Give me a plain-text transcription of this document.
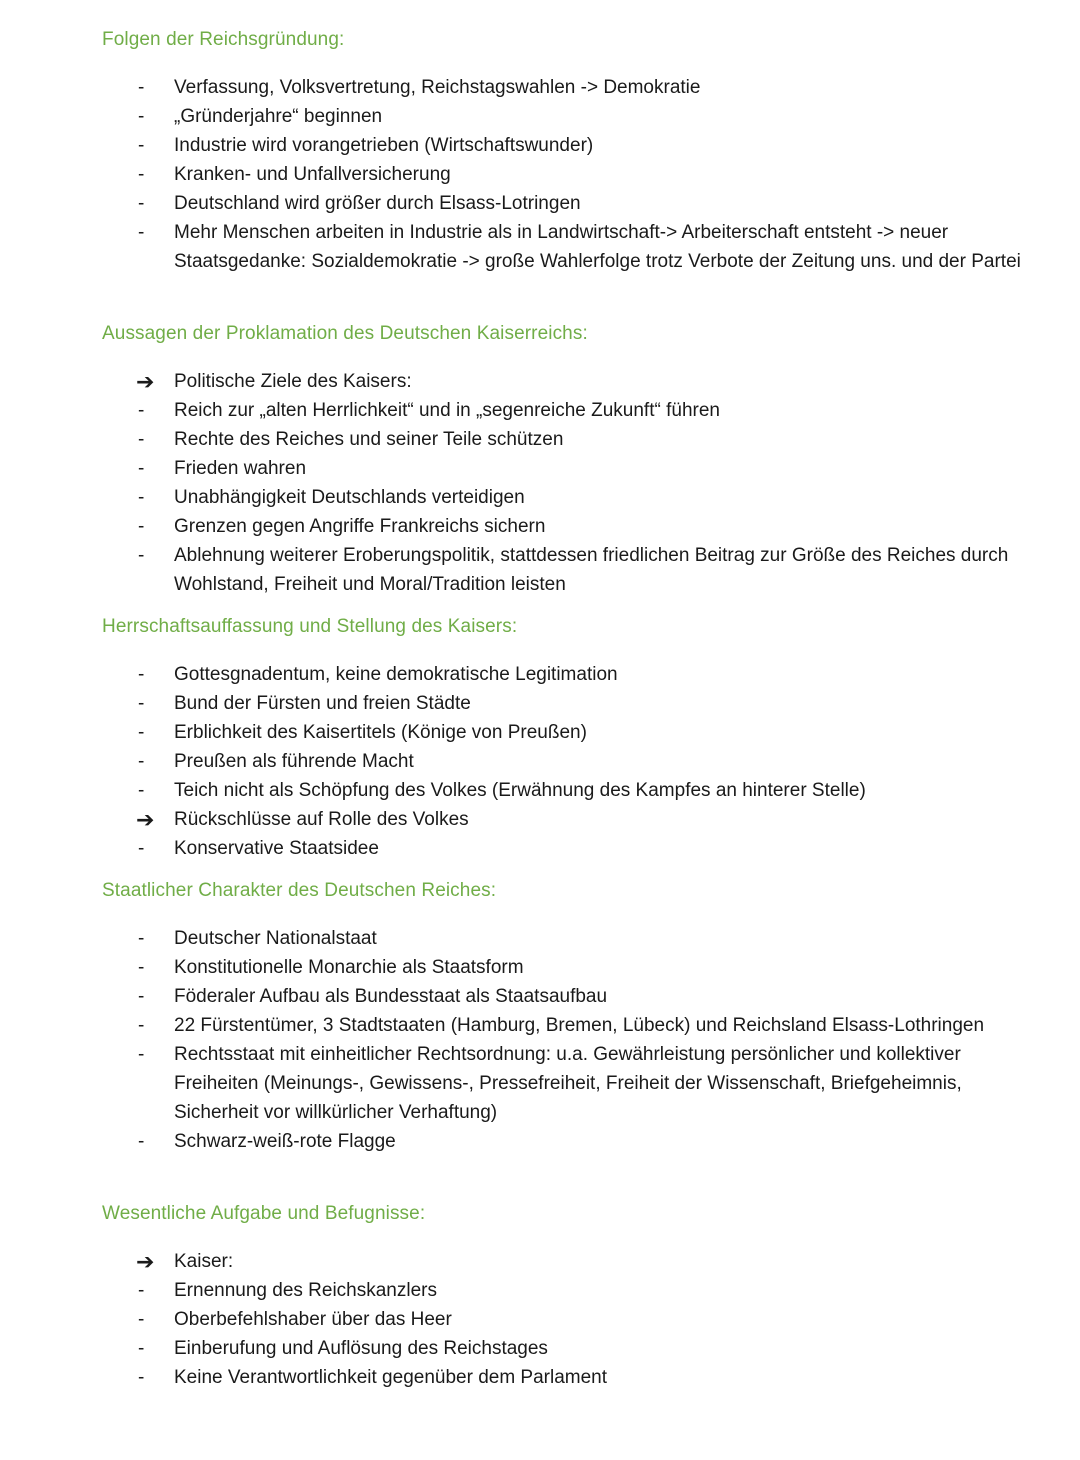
Folgen der Reichsgründung:
-	Verfassung, Volksvertretung, Reichstagswahlen -> Demokratie
-	„Gründerjahre“ beginnen
-	Industrie wird vorangetrieben (Wirtschaftswunder)
-	Kranken- und Unfallversicherung
-	Deutschland wird größer durch Elsass-Lotringen
-	Mehr Menschen arbeiten in Industrie als in Landwirtschaft-> Arbeiterschaft entsteht -> neuer Staatsgedanke: Sozialdemokratie -> große Wahlerfolge trotz Verbote der Zeitung uns. und der Partei
Aussagen der Proklamation des Deutschen Kaiserreichs:
➔ Politische Ziele des Kaisers:
-	Reich zur „alten Herrlichkeit“ und in „segenreiche Zukunft“ führen
-	Rechte des Reiches und seiner Teile schützen
-	Frieden wahren
-	Unabhängigkeit Deutschlands verteidigen
-	Grenzen gegen Angriffe Frankreichs sichern
-	Ablehnung weiterer Eroberungspolitik, stattdessen friedlichen Beitrag zur Größe des Reiches durch Wohlstand, Freiheit und Moral/Tradition leisten
Herrschaftsauffassung und Stellung des Kaisers:
-	Gottesgnadentum, keine demokratische Legitimation
-	Bund der Fürsten und freien Städte
-	Erblichkeit des Kaisertitels (Könige von Preußen)
-	Preußen als führende Macht
-	Teich nicht als Schöpfung des Volkes (Erwähnung des Kampfes an hinterer Stelle)
➔ Rückschlüsse auf Rolle des Volkes
-	Konservative Staatsidee
Staatlicher Charakter des Deutschen Reiches:
-	Deutscher Nationalstaat
-	Konstitutionelle Monarchie als Staatsform
-	Föderaler Aufbau als Bundesstaat als Staatsaufbau
-	22 Fürstentümer, 3 Stadtstaaten (Hamburg, Bremen, Lübeck) und Reichsland Elsass-Lothringen
-	Rechtsstaat mit einheitlicher Rechtsordnung: u.a. Gewährleistung persönlicher und kollektiver Freiheiten (Meinungs-, Gewissens-, Pressefreiheit, Freiheit der Wissenschaft, Briefgeheimnis, Sicherheit vor willkürlicher Verhaftung)
-	Schwarz-weiß-rote Flagge
Wesentliche Aufgabe und Befugnisse:
➔ Kaiser:
-	Ernennung des Reichskanzlers
-	Oberbefehlshaber über das Heer
-	Einberufung und Auflösung des Reichstages
-	Keine Verantwortlichkeit gegenüber dem Parlament
